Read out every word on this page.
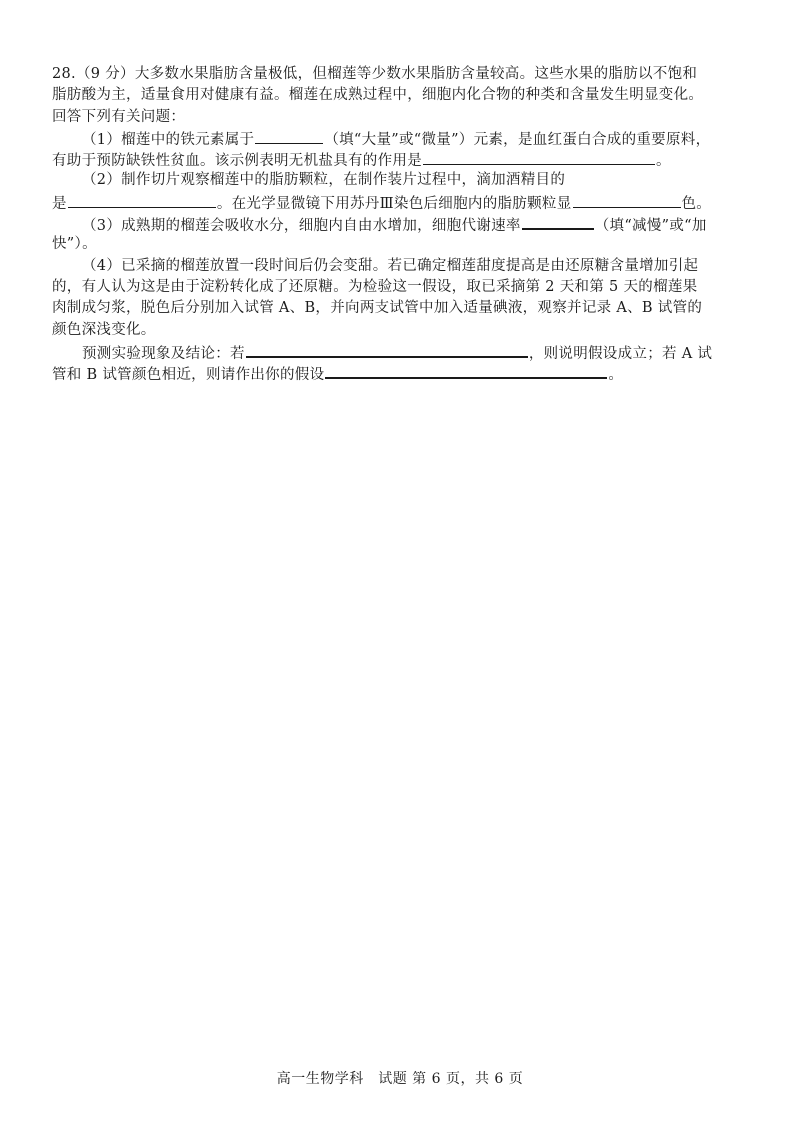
28.（9 分）大多数水果脂肪含量极低，但榴莲等少数水果脂肪含量较高。这些水果的脂肪以不饱和
脂肪酸为主，适量食用对健康有益。榴莲在成熟过程中，细胞内化合物的种类和含量发生明显变化。
回答下列有关问题：
（1）榴莲中的铁元素属于	（填“大量”或“微量”）元素，是血红蛋白合成的重要原料，
有助于预防缺铁性贫血。该示例表明无机盐具有的作用是	。
（2）制作切片观察榴莲中的脂肪颗粒，在制作装片过程中，滴加酒精目的
是	。在光学显微镜下用苏丹Ⅲ染色后细胞内的脂肪颗粒显	色。
（3）成熟期的榴莲会吸收水分，细胞内自由水增加，细胞代谢速率	（填“减慢”或“加
快”）。
（4）已采摘的榴莲放置一段时间后仍会变甜。若已确定榴莲甜度提高是由还原糖含量增加引起
的，有人认为这是由于淀粉转化成了还原糖。为检验这一假设，取已采摘第 2 天和第 5 天的榴莲果
肉制成匀浆，脱色后分别加入试管 A、B，并向两支试管中加入适量碘液，观察并记录 A、B 试管的
颜色深浅变化。
预测实验现象及结论：若	，则说明假设成立；若 A 试
管和 B 试管颜色相近，则请作出你的假设	。
高一生物学科　试题 第 6 页，共 6 页
